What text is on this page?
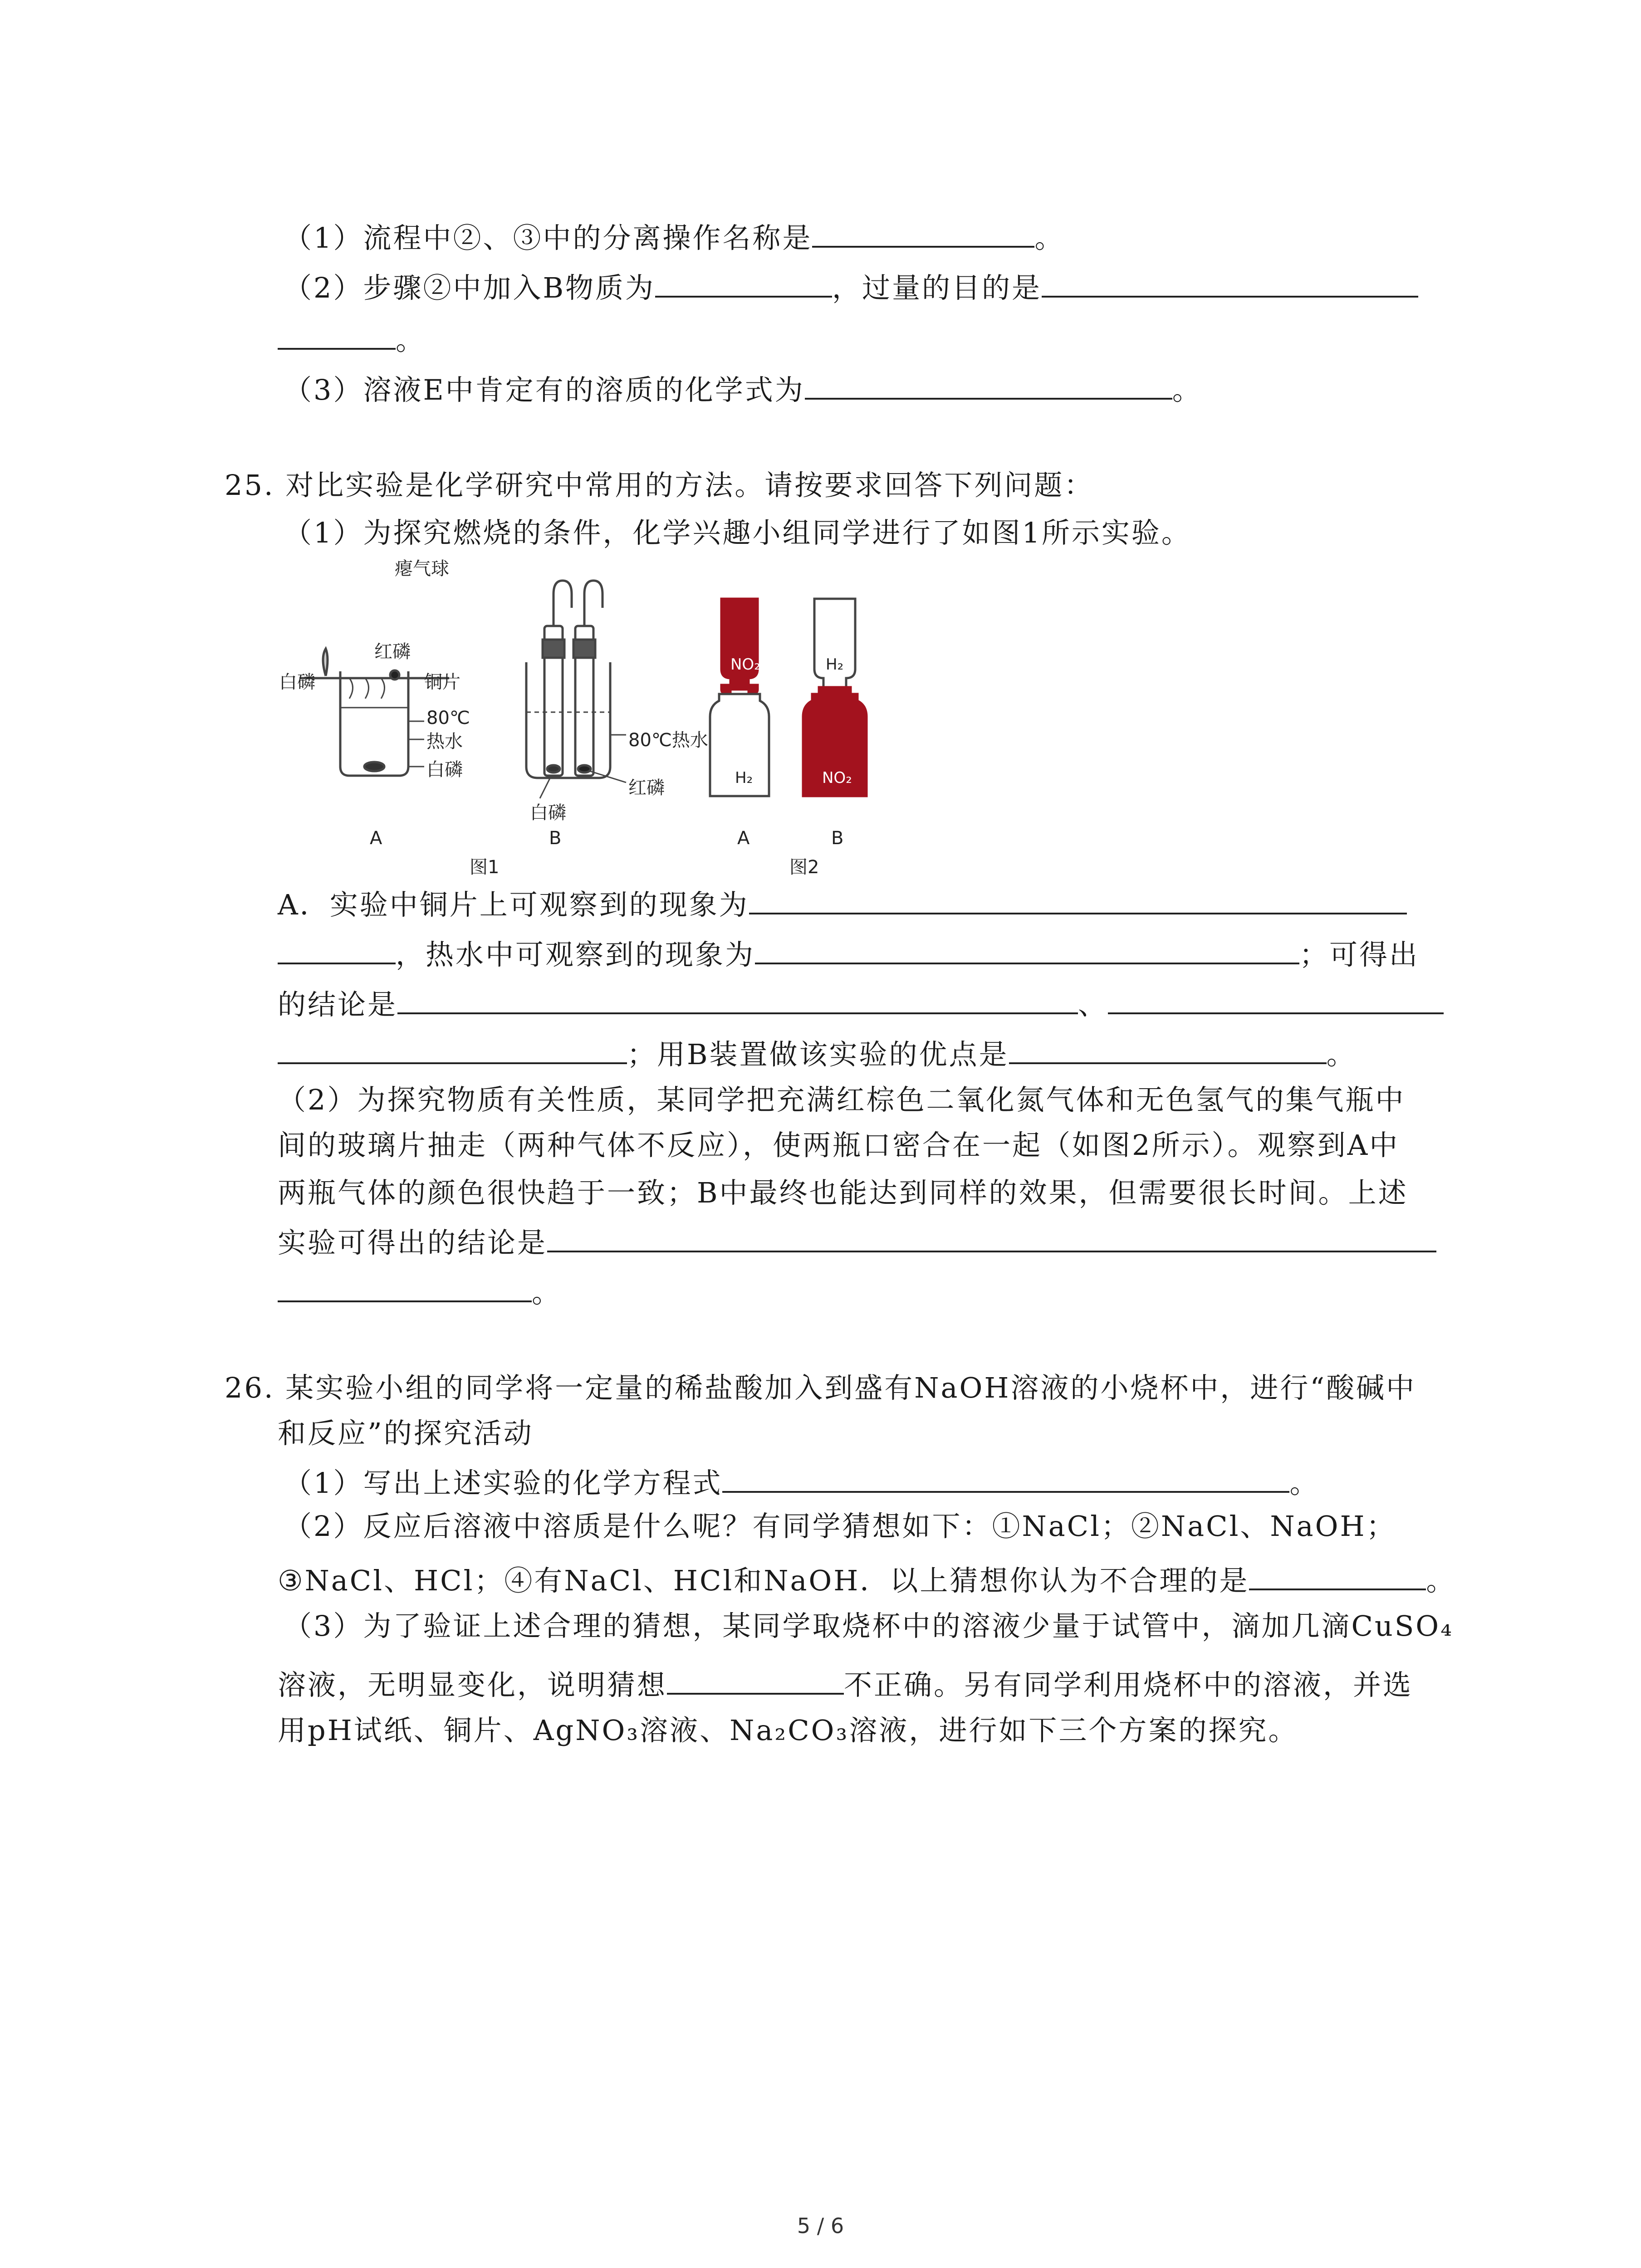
（1）流程中②、③中的分离操作名称是	。
（2）步骤②中加入B物质为	，过量的目的是
。
（3）溶液E中肯定有的溶质的化学式为	。
25. 对比实验是化学研究中常用的方法。请按要求回答下列问题：
（1）为探究燃烧的条件，化学兴趣小组同学进行了如图1所示实验。
瘪气球
红磷
白磷	铜片
80℃
热水
白磷
80℃热水
红磷
白磷
A	B
图1
NO₂
H₂
H₂
NO₂
A	B
图2
A．实验中铜片上可观察到的现象为
，热水中可观察到的现象为	；可得出
的结论是	、
；用B装置做该实验的优点是	。
（2）为探究物质有关性质，某同学把充满红棕色二氧化氮气体和无色氢气的集气瓶中
间的玻璃片抽走（两种气体不反应），使两瓶口密合在一起（如图2所示）。观察到A中
两瓶气体的颜色很快趋于一致；B中最终也能达到同样的效果，但需要很长时间。上述
实验可得出的结论是
。
26. 某实验小组的同学将一定量的稀盐酸加入到盛有NaOH溶液的小烧杯中，进行“酸碱中
和反应”的探究活动
（1）写出上述实验的化学方程式	。
（2）反应后溶液中溶质是什么呢？有同学猜想如下：①NaCl；②NaCl、NaOH；
③NaCl、HCl；④有NaCl、HCl和NaOH．以上猜想你认为不合理的是	。
（3）为了验证上述合理的猜想，某同学取烧杯中的溶液少量于试管中，滴加几滴CuSO₄
溶液，无明显变化，说明猜想	不正确。另有同学利用烧杯中的溶液，并选
用pH试纸、铜片、AgNO₃溶液、Na₂CO₃溶液，进行如下三个方案的探究。
5 / 6
